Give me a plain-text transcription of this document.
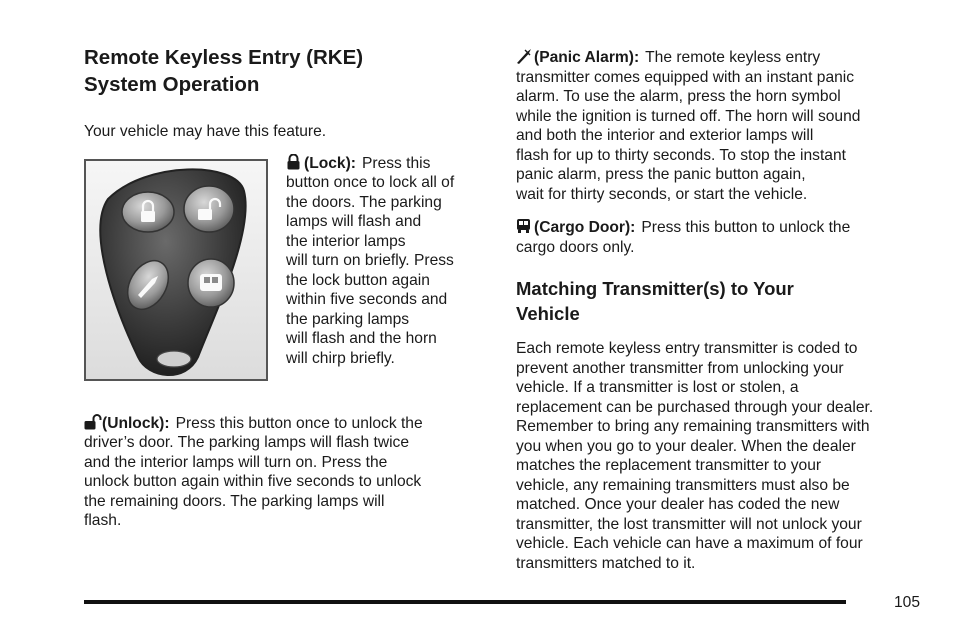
Remote Keyless Entry (RKE)
System Operation

Your vehicle may have this feature.

(Lock): Press this
button once to lock all of
the doors. The parking
lamps will flash and
the interior lamps
will turn on briefly. Press
the lock button again
within five seconds and
the parking lamps
will flash and the horn
will chirp briefly.

(Unlock): Press this button once to unlock the
driver’s door. The parking lamps will flash twice
and the interior lamps will turn on. Press the
unlock button again within five seconds to unlock
the remaining doors. The parking lamps will
flash.

(Panic Alarm): The remote keyless entry
transmitter comes equipped with an instant panic
alarm. To use the alarm, press the horn symbol
while the ignition is turned off. The horn will sound
and both the interior and exterior lamps will
flash for up to thirty seconds. To stop the instant
panic alarm, press the panic button again,
wait for thirty seconds, or start the vehicle.

(Cargo Door): Press this button to unlock the
cargo doors only.

Matching Transmitter(s) to Your
Vehicle

Each remote keyless entry transmitter is coded to
prevent another transmitter from unlocking your
vehicle. If a transmitter is lost or stolen, a
replacement can be purchased through your dealer.
Remember to bring any remaining transmitters with
you when you go to your dealer. When the dealer
matches the replacement transmitter to your
vehicle, any remaining transmitters must also be
matched. Once your dealer has coded the new
transmitter, the lost transmitter will not unlock your
vehicle. Each vehicle can have a maximum of four
transmitters matched to it.

105
